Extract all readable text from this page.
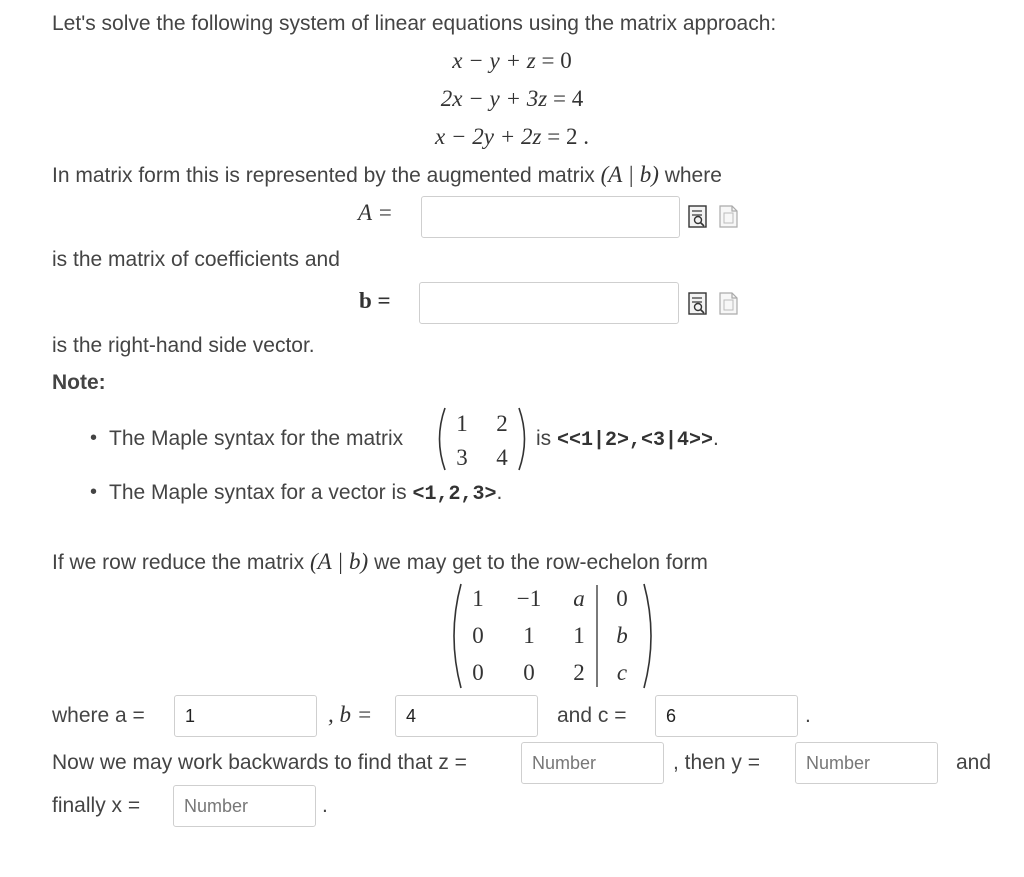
Let's solve the following system of linear equations using the matrix approach:
x − y + z = 0
2x − y + 3z = 4
x − 2y + 2z = 2 .
In matrix form this is represented by the augmented matrix (A | b) where
A =
is the matrix of coefficients and
b =
is the right-hand side vector.
Note:
• The Maple syntax for the matrix
1 2
3 4
is <<1|2>,<3|4>>.
• The Maple syntax for a vector is <1,2,3>.
If we row reduce the matrix (A | b) we may get to the row-echelon form
1 −1 a 0
0 1 1 b
0 0 2 c
where a =
1	, b =
4	and c =
6	.
Now we may work backwards to find that z =
Number	, then y =
Number	and
finally x =
Number	.
